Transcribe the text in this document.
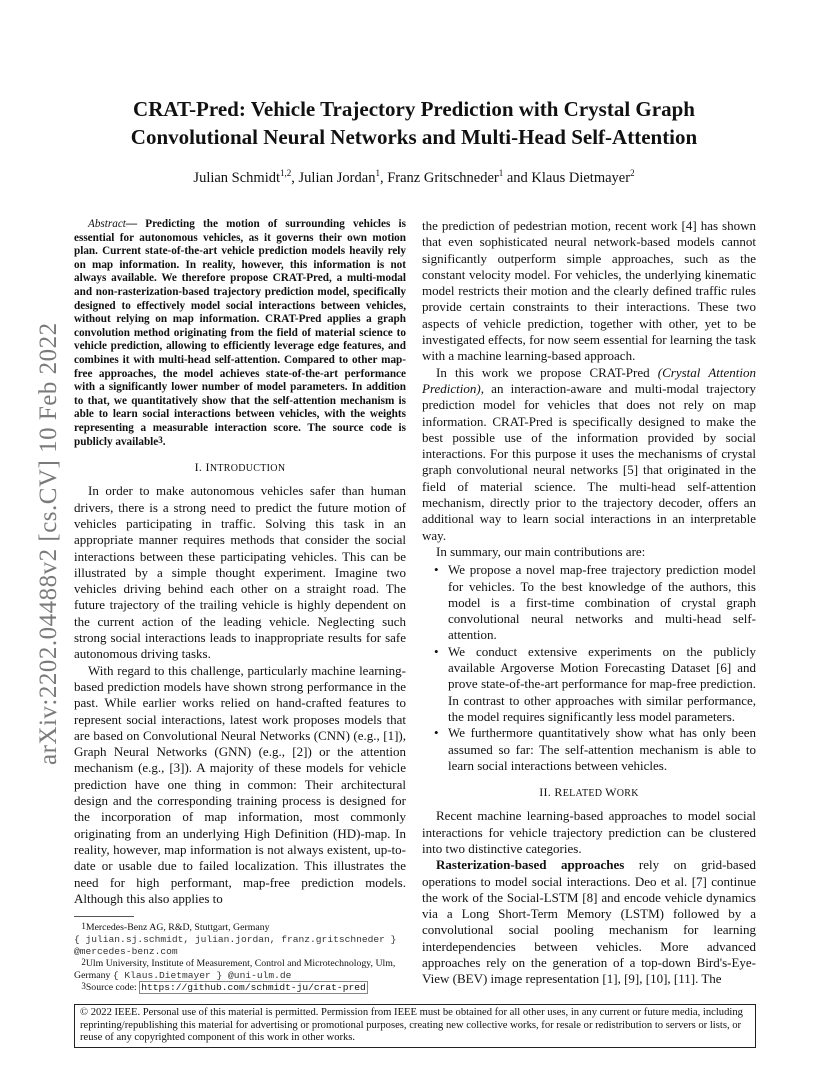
arXiv:2202.04488v2 [cs.CV] 10 Feb 2022
CRAT-Pred: Vehicle Trajectory Prediction with Crystal Graph
Convolutional Neural Networks and Multi-Head Self-Attention
Julian Schmidt$^{1,2}$, Julian Jordan$^1$, Franz Gritschneder$^1$ and Klaus Dietmayer$^2$

Abstract— Predicting the motion of surrounding vehicles is essential for autonomous vehicles, as it governs their own motion plan. Current state-of-the-art vehicle prediction models heavily rely on map information. In reality, however, this information is not always available. We therefore propose CRAT-Pred, a multi-modal and non-rasterization-based trajectory prediction model, specifically designed to effectively model social interactions between vehicles, without relying on map information. CRAT-Pred applies a graph convolution method originating from the field of material science to vehicle prediction, allowing to efficiently leverage edge features, and combines it with multi-head self-attention. Compared to other map-free approaches, the model achieves state-of-the-art performance with a significantly lower number of model parameters. In addition to that, we quantitatively show that the self-attention mechanism is able to learn social interactions between vehicles, with the weights representing a measurable interaction score. The source code is publicly available$^3$.

I. INTRODUCTION

In order to make autonomous vehicles safer than human drivers, there is a strong need to predict the future motion of vehicles participating in traffic. Solving this task in an appropriate manner requires methods that consider the social interactions between these participating vehicles. This can be illustrated by a simple thought experiment. Imagine two vehicles driving behind each other on a straight road. The future trajectory of the trailing vehicle is highly dependent on the current action of the leading vehicle. Neglecting such strong social interactions leads to inappropriate results for safe autonomous driving tasks.

With regard to this challenge, particularly machine learning-based prediction models have shown strong performance in the past. While earlier works relied on hand-crafted features to represent social interactions, latest work proposes models that are based on Convolutional Neural Networks (CNN) (e.g., [1]), Graph Neural Networks (GNN) (e.g., [2]) or the attention mechanism (e.g., [3]). A majority of these models for vehicle prediction have one thing in common: Their architectural design and the corresponding training process is designed for the incorporation of map information, most commonly originating from an underlying High Definition (HD)-map. In reality, however, map information is not always existent, up-to-date or usable due to failed localization. This illustrates the need for high performant, map-free prediction models. Although this also applies to

the prediction of pedestrian motion, recent work [4] has shown that even sophisticated neural network-based models cannot significantly outperform simple approaches, such as the constant velocity model. For vehicles, the underlying kinematic model restricts their motion and the clearly defined traffic rules provide certain constraints to their interactions. These two aspects of vehicle prediction, together with other, yet to be investigated effects, for now seem essential for learning the task with a machine learning-based approach.

In this work we propose CRAT-Pred (Crystal Attention Prediction), an interaction-aware and multi-modal trajectory prediction model for vehicles that does not rely on map information. CRAT-Pred is specifically designed to make the best possible use of the information provided by social interactions. For this purpose it uses the mechanisms of crystal graph convolutional neural networks [5] that originated in the field of material science. The multi-head self-attention mechanism, directly prior to the trajectory decoder, offers an additional way to learn social interactions in an interpretable way.

In summary, our main contributions are:

• We propose a novel map-free trajectory prediction model for vehicles. To the best knowledge of the authors, this model is a first-time combination of crystal graph convolutional neural networks and multi-head self-attention.
• We conduct extensive experiments on the publicly available Argoverse Motion Forecasting Dataset [6] and prove state-of-the-art performance for map-free prediction. In contrast to other approaches with similar performance, the model requires significantly less model parameters.
• We furthermore quantitatively show what has only been assumed so far: The self-attention mechanism is able to learn social interactions between vehicles.
II. RELATED WORK

Recent machine learning-based approaches to model social interactions for vehicle trajectory prediction can be clustered into two distinctive categories.

Rasterization-based approaches rely on grid-based operations to model social interactions. Deo et al. [7] continue the work of the Social-LSTM [8] and encode vehicle dynamics via a Long Short-Term Memory (LSTM) followed by a convolutional social pooling mechanism for learning interdependencies between vehicles. More advanced approaches rely on the generation of a top-down Bird's-Eye-View (BEV) image representation [1], [9], [10], [11]. The

$^1$Mercedes-Benz AG, R&D, Stuttgart, Germany
{ julian.sj.schmidt, julian.jordan, franz.gritschneder } @mercedes-benz.com
$^2$Ulm University, Institute of Measurement, Control and Microtechnology, Ulm, Germany { Klaus.Dietmayer } @uni-ulm.de
$^3$Source code: https://github.com/schmidt-ju/crat-pred
© 2022 IEEE. Personal use of this material is permitted. Permission from IEEE must be obtained for all other uses, in any current or future media, including reprinting/republishing this material for advertising or promotional purposes, creating new collective works, for resale or redistribution to servers or lists, or reuse of any copyrighted component of this work in other works.
